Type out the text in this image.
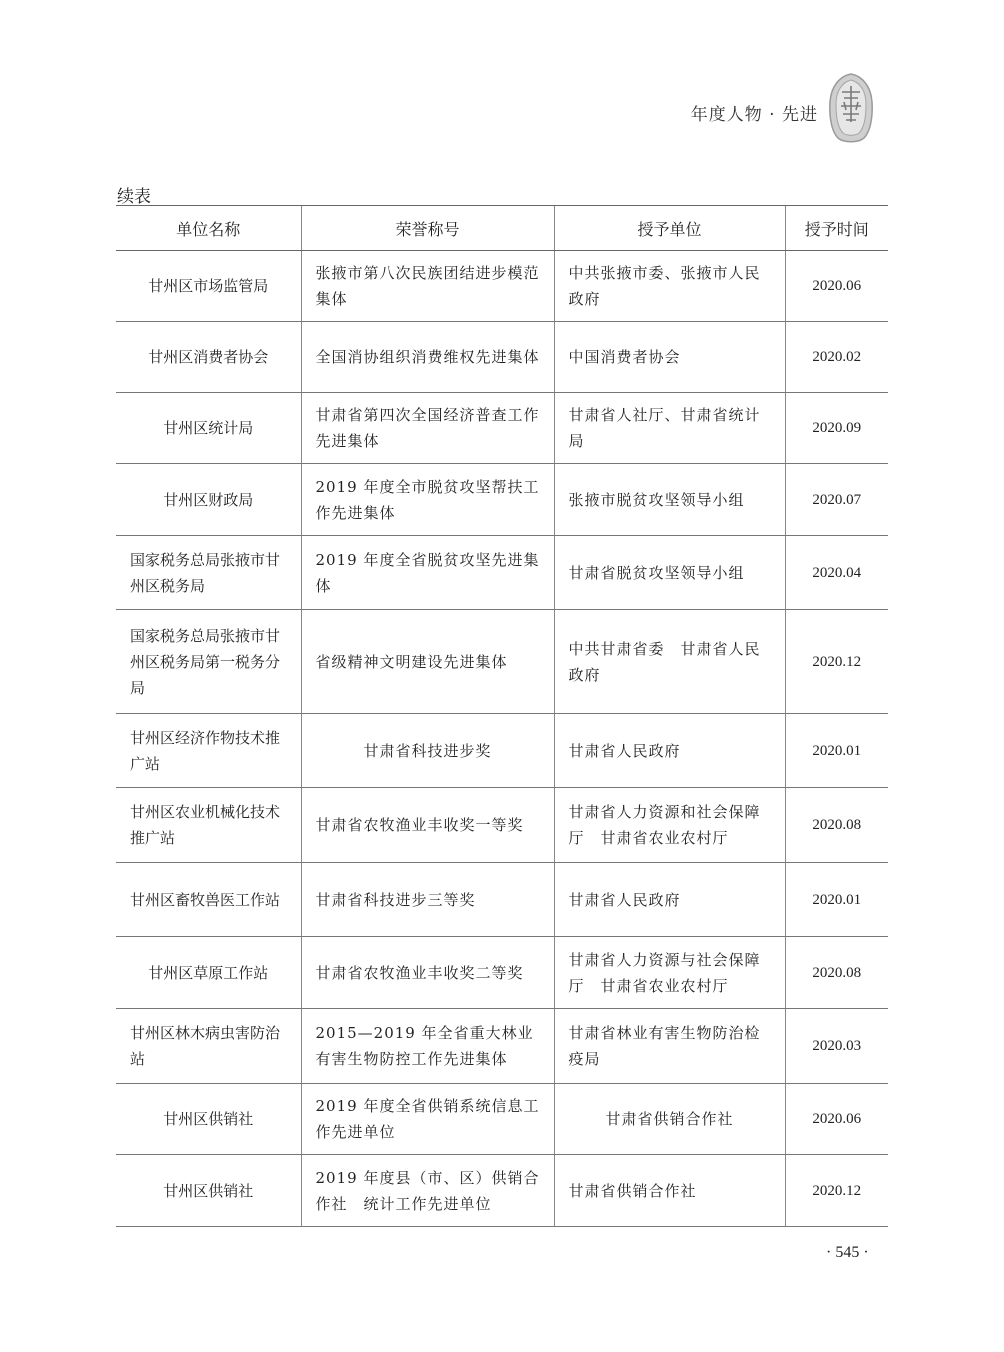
年度人物 · 先进
续表
单位名称	荣誉称号	授予单位	授予时间
甘州区市场监管局	张掖市第八次民族团结进步模范集体	中共张掖市委、张掖市人民政府	2020.06
甘州区消费者协会	全国消协组织消费维权先进集体	中国消费者协会	2020.02
甘州区统计局	甘肃省第四次全国经济普查工作先进集体	甘肃省人社厅、甘肃省统计局	2020.09
甘州区财政局	2019 年度全市脱贫攻坚帮扶工作先进集体	张掖市脱贫攻坚领导小组	2020.07
国家税务总局张掖市甘州区税务局	2019 年度全省脱贫攻坚先进集体	甘肃省脱贫攻坚领导小组	2020.04
国家税务总局张掖市甘州区税务局第一税务分局	省级精神文明建设先进集体	中共甘肃省委　甘肃省人民政府	2020.12
甘州区经济作物技术推广站	甘肃省科技进步奖	甘肃省人民政府	2020.01
甘州区农业机械化技术推广站	甘肃省农牧渔业丰收奖一等奖	甘肃省人力资源和社会保障厅　甘肃省农业农村厅	2020.08
甘州区畜牧兽医工作站	甘肃省科技进步三等奖	甘肃省人民政府	2020.01
甘州区草原工作站	甘肃省农牧渔业丰收奖二等奖	甘肃省人力资源与社会保障厅　甘肃省农业农村厅	2020.08
甘州区林木病虫害防治站	2015—2019 年全省重大林业有害生物防控工作先进集体	甘肃省林业有害生物防治检疫局	2020.03
甘州区供销社	2019 年度全省供销系统信息工作先进单位	甘肃省供销合作社	2020.06
甘州区供销社	2019 年度县（市、区）供销合作社　统计工作先进单位	甘肃省供销合作社	2020.12
· 545 ·
